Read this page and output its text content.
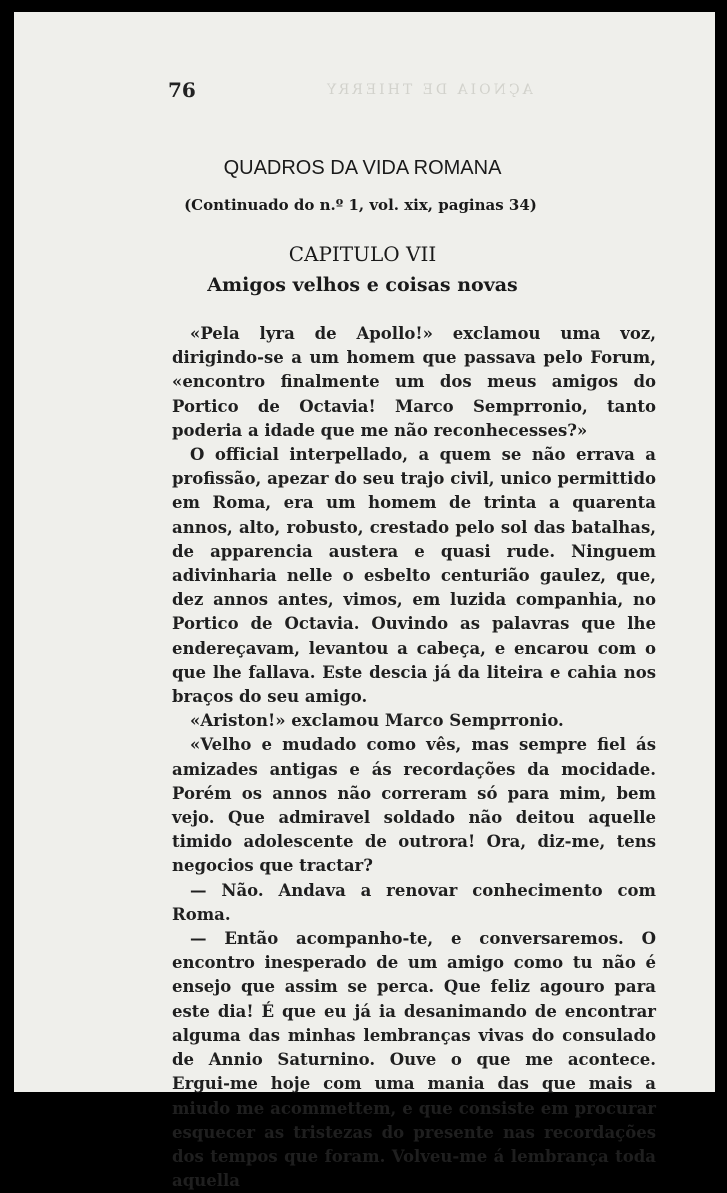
AÇNOIA DE THIERRY
76
QUADROS DA VIDA ROMANA
(Continuado do n.º 1, vol. xix, paginas 34)
CAPITULO VII
Amigos velhos e coisas novas

«Pela lyra de Apollo!» exclamou uma voz, dirigindo-se a um homem que passava pelo Forum, «encontro finalmente um dos meus amigos do Portico de Octavia! Marco Semprronio, tanto poderia a idade que me não reconhecesses?»

O official interpellado, a quem se não errava a profissão, apezar do seu trajo civil, unico permittido em Roma, era um homem de trinta a quarenta annos, alto, robusto, crestado pelo sol das batalhas, de apparencia austera e quasi rude. Ninguem adivinharia nelle o esbelto centurião gaulez, que, dez annos antes, vimos, em luzida companhia, no Portico de Octavia. Ouvindo as palavras que lhe endereçavam, levantou a cabeça, e encarou com o que lhe fallava. Este descia já da liteira e cahia nos braços do seu amigo.

«Ariston!» exclamou Marco Semprronio.

«Velho e mudado como vês, mas sempre fiel ás amizades antigas e ás recordações da mocidade. Porém os annos não correram só para mim, bem vejo. Que admiravel soldado não deitou aquelle timido adolescente de outrora! Ora, diz-me, tens negocios que tractar?

— Não. Andava a renovar conhecimento com Roma.

— Então acompanho-te, e conversaremos. O encontro inesperado de um amigo como tu não é ensejo que assim se perca. Que feliz agouro para este dia! É que eu já ia desanimando de encontrar alguma das minhas lembranças vivas do consulado de Annio Saturnino. Ouve o que me acontece. Ergui-me hoje com uma mania das que mais a miudo me acommettem, e que consiste em procurar esquecer as tristezas do presente nas recordações dos tempos que foram. Volveu-me á lembrança toda aquella
